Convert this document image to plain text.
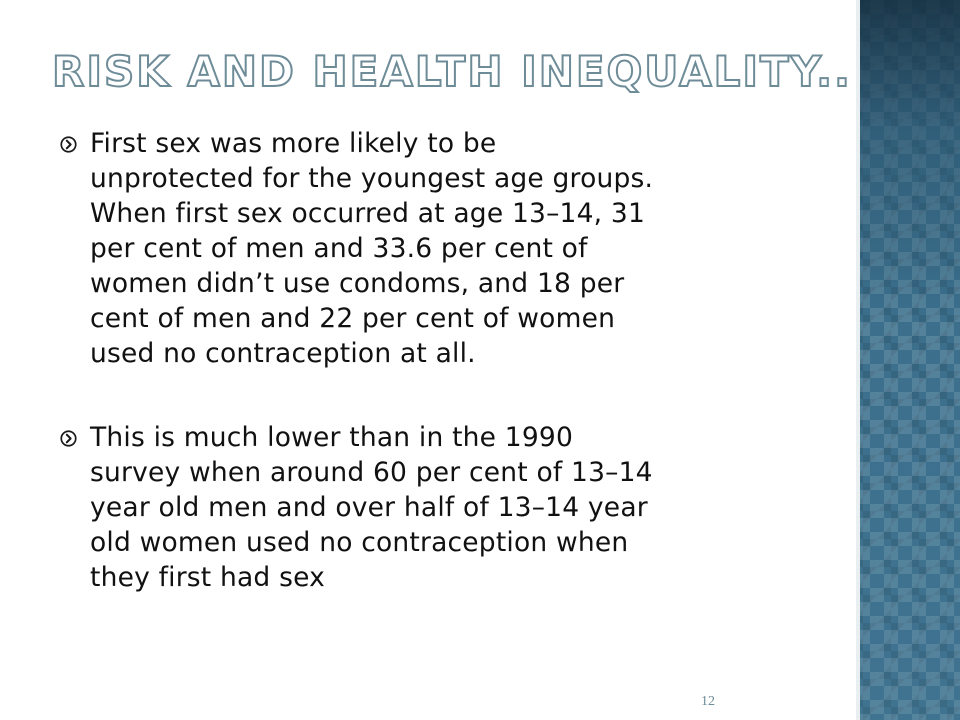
RISK AND HEALTH INEQUALITY..
First sex was more likely to be
unprotected for the youngest age groups.
When first sex occurred at age 13–14, 31
per cent of men and 33.6 per cent of
women didn’t use condoms, and 18 per
cent of men and 22 per cent of women
used no contraception at all.
This is much lower than in the 1990
survey when around 60 per cent of 13–14
year old men and over half of 13–14 year
old women used no contraception when
they first had sex
12
